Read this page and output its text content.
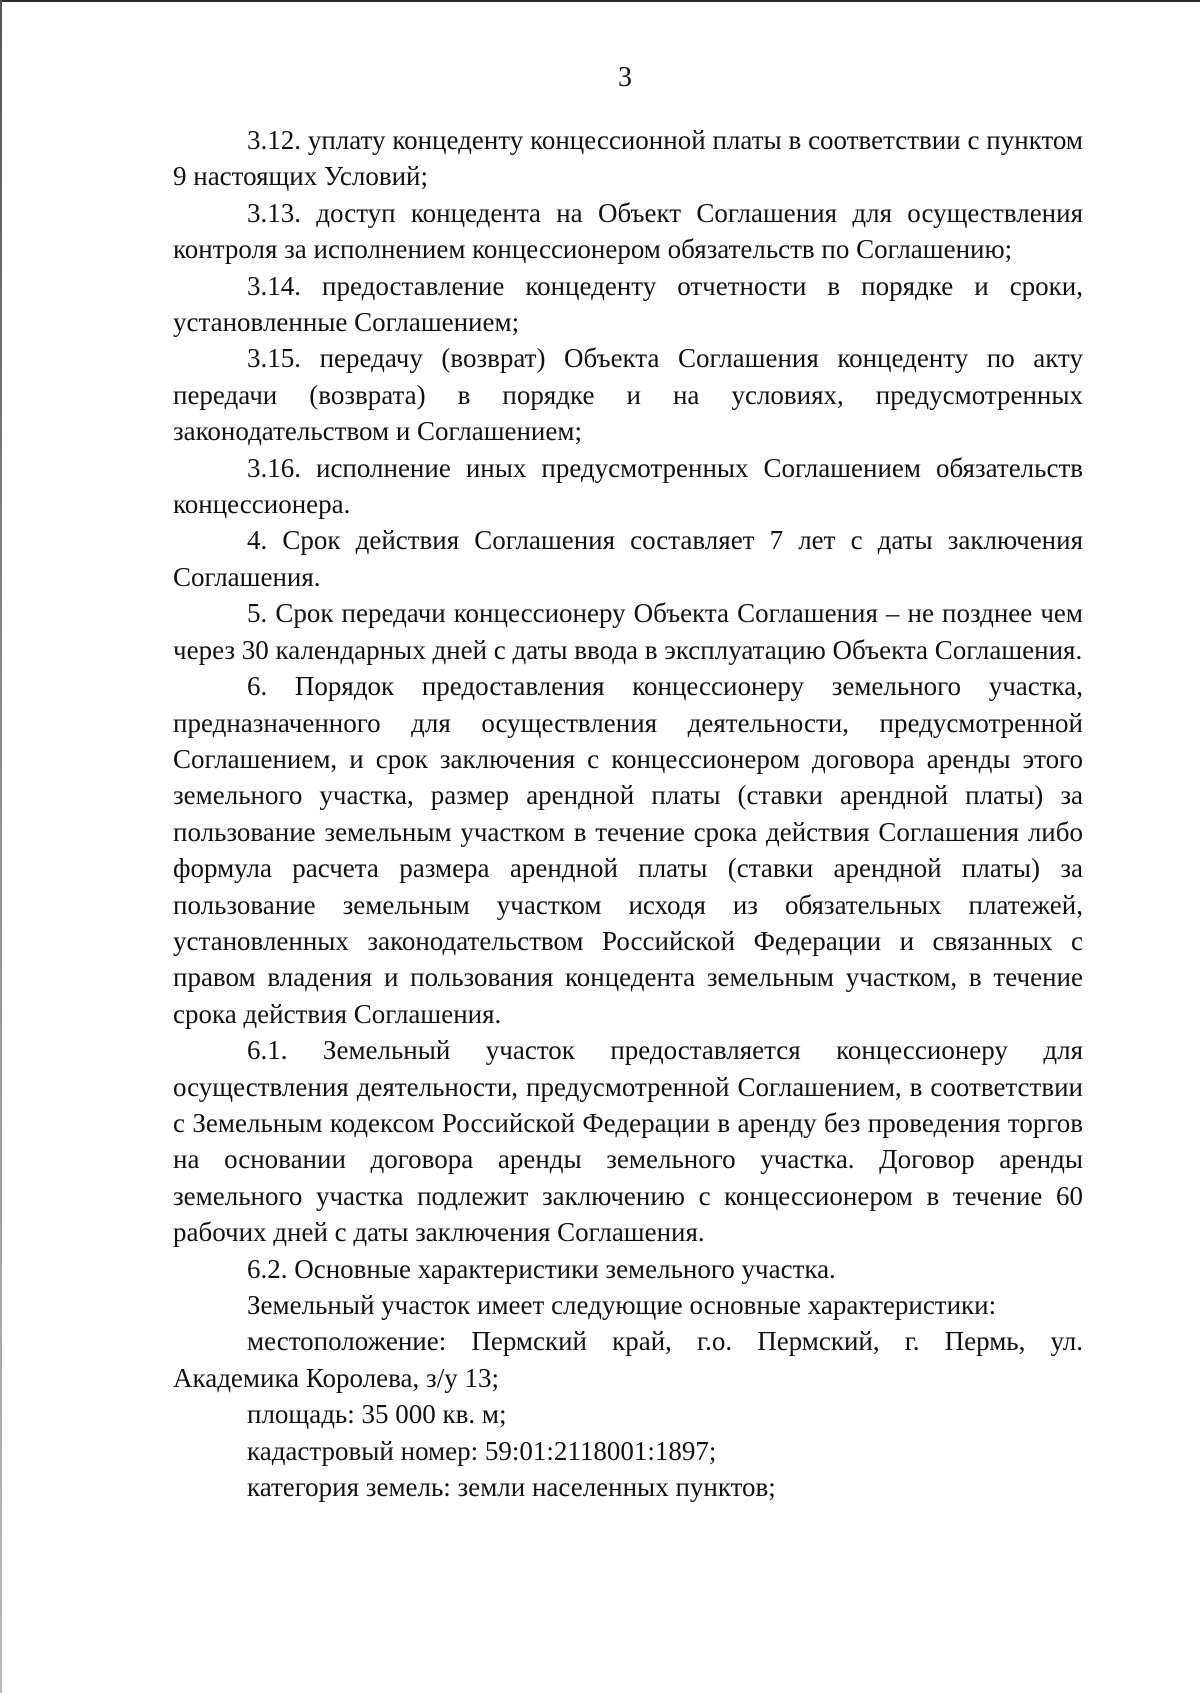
3

3.12. уплату концеденту концессионной платы в соответствии с пунктом 9 настоящих Условий;

3.13. доступ концедента на Объект Соглашения для осуществления контроля за исполнением концессионером обязательств по Соглашению;

3.14. предоставление концеденту отчетности в порядке и сроки, установленные Соглашением;

3.15. передачу (возврат) Объекта Соглашения концеденту по акту передачи (возврата) в порядке и на условиях, предусмотренных законодательством и Соглашением;

3.16. исполнение иных предусмотренных Соглашением обязательств концессионера.

4. Срок действия Соглашения составляет 7 лет с даты заключения Соглашения.

5. Срок передачи концессионеру Объекта Соглашения – не позднее чем через 30 календарных дней с даты ввода в эксплуатацию Объекта Соглашения.

6. Порядок предоставления концессионеру земельного участка, предназначенного для осуществления деятельности, предусмотренной Соглашением, и срок заключения с концессионером договора аренды этого земельного участка, размер арендной платы (ставки арендной платы) за пользование земельным участком в течение срока действия Соглашения либо формула расчета размера арендной платы (ставки арендной платы) за пользование земельным участком исходя из обязательных платежей, установленных законодательством Российской Федерации и связанных с правом владения и пользования концедента земельным участком, в течение срока действия Соглашения.

6.1. Земельный участок предоставляется концессионеру для осуществления деятельности, предусмотренной Соглашением, в соответствии с Земельным кодексом Российской Федерации в аренду без проведения торгов на основании договора аренды земельного участка. Договор аренды земельного участка подлежит заключению с концессионером в течение 60 рабочих дней с даты заключения Соглашения.

6.2. Основные характеристики земельного участка.

Земельный участок имеет следующие основные характеристики:

местоположение: Пермский край, г.о. Пермский, г. Пермь, ул. Академика Королева, з/у 13;

площадь: 35 000 кв. м;

кадастровый номер: 59:01:2118001:1897;

категория земель: земли населенных пунктов;
